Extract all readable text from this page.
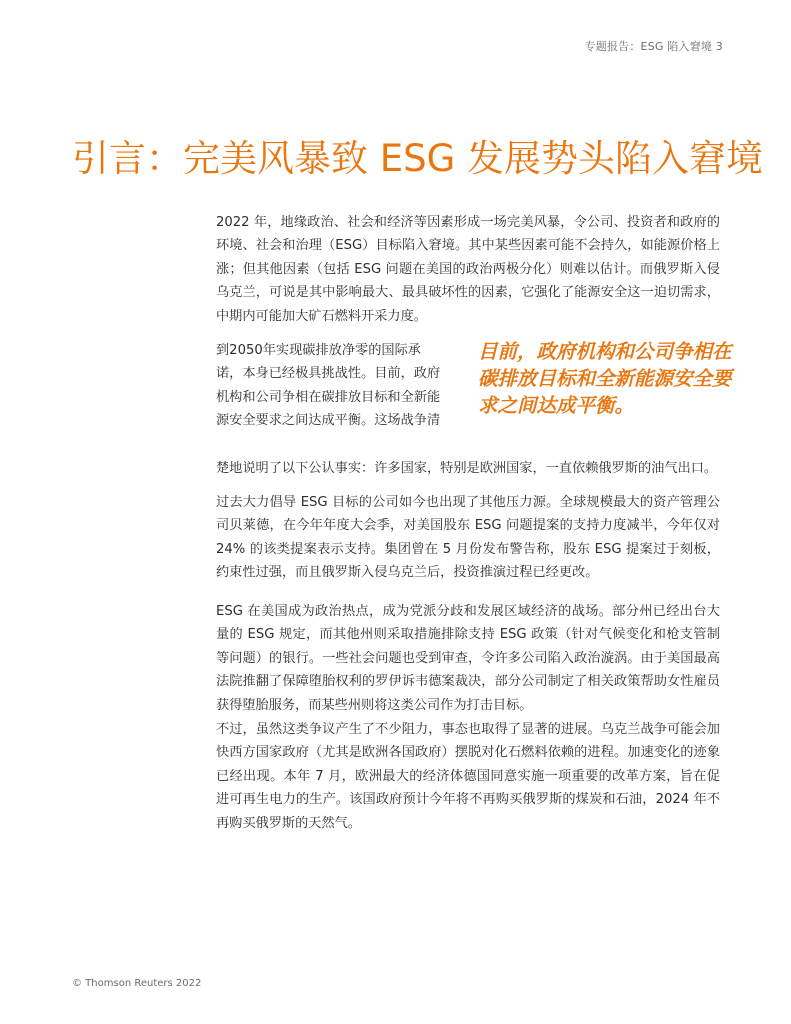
专题报告：ESG 陷入窘境 3
引言：完美风暴致 ESG 发展势头陷入窘境

2022 年，地缘政治、社会和经济等因素形成一场完美风暴，令公司、投资者和政府的环境、社会和治理（ESG）目标陷入窘境。其中某些因素可能不会持久，如能源价格上涨；但其他因素（包括 ESG 问题在美国的政治两极分化）则难以估计。而俄罗斯入侵乌克兰，可说是其中影响最大、最具破坏性的因素，它强化了能源安全这一迫切需求，中期内可能加大矿石燃料开采力度。

到2050年实现碳排放净零的国际承诺，本身已经极具挑战性。目前，政府机构和公司争相在碳排放目标和全新能源安全要求之间达成平衡。这场战争清

目前，政府机构和公司争相在碳排放目标和全新能源安全要求之间达成平衡。

楚地说明了以下公认事实：许多国家，特别是欧洲国家，一直依赖俄罗斯的油气出口。

过去大力倡导 ESG 目标的公司如今也出现了其他压力源。全球规模最大的资产管理公司贝莱德，在今年年度大会季，对美国股东 ESG 问题提案的支持力度减半，今年仅对 24% 的该类提案表示支持。集团曾在 5 月份发布警告称，股东 ESG 提案过于刻板，约束性过强，而且俄罗斯入侵乌克兰后，投资推演过程已经更改。

ESG 在美国成为政治热点，成为党派分歧和发展区域经济的战场。部分州已经出台大量的 ESG 规定，而其他州则采取措施排除支持 ESG 政策（针对气候变化和枪支管制等问题）的银行。一些社会问题也受到审查，令许多公司陷入政治漩涡。由于美国最高法院推翻了保障堕胎权利的罗伊诉韦德案裁决，部分公司制定了相关政策帮助女性雇员获得堕胎服务，而某些州则将这类公司作为打击目标。

不过，虽然这类争议产生了不少阻力，事态也取得了显著的进展。乌克兰战争可能会加快西方国家政府（尤其是欧洲各国政府）摆脱对化石燃料依赖的进程。加速变化的迹象已经出现。本年 7 月，欧洲最大的经济体德国同意实施一项重要的改革方案，旨在促进可再生电力的生产。该国政府预计今年将不再购买俄罗斯的煤炭和石油，2024 年不再购买俄罗斯的天然气。

© Thomson Reuters 2022
